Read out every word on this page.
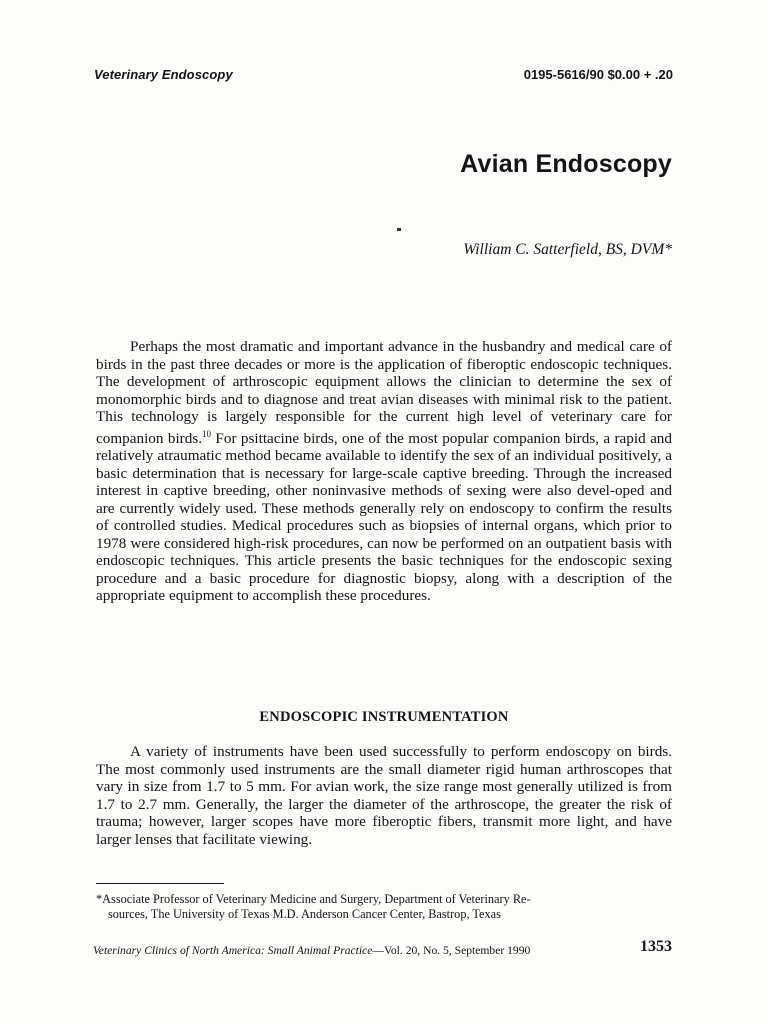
Veterinary Endoscopy	0195-5616/90 $0.00 + .20
Avian Endoscopy
William C. Satterfield, BS, DVM*

Perhaps the most dramatic and important advance in the husbandry and medical care of birds in the past three decades or more is the application of fiberoptic endoscopic techniques. The development of arthroscopic equipment allows the clinician to determine the sex of monomorphic birds and to diagnose and treat avian diseases with minimal risk to the patient. This technology is largely responsible for the current high level of veterinary care for companion birds.$^{10}$ For psittacine birds, one of the most popular companion birds, a rapid and relatively atraumatic method became available to identify the sex of an individual positively, a basic determination that is necessary for large-scale captive breeding. Through the increased interest in captive breeding, other noninvasive methods of sexing were also devel-oped and are currently widely used. These methods generally rely on endoscopy to confirm the results of controlled studies. Medical procedures such as biopsies of internal organs, which prior to 1978 were considered high-risk procedures, can now be performed on an outpatient basis with endoscopic techniques. This article presents the basic techniques for the endoscopic sexing procedure and a basic procedure for diagnostic biopsy, along with a description of the appropriate equipment to accomplish these procedures.

ENDOSCOPIC INSTRUMENTATION

A variety of instruments have been used successfully to perform endoscopy on birds. The most commonly used instruments are the small diameter rigid human arthroscopes that vary in size from 1.7 to 5 mm. For avian work, the size range most generally utilized is from 1.7 to 2.7 mm. Generally, the larger the diameter of the arthroscope, the greater the risk of trauma; however, larger scopes have more fiberoptic fibers, transmit more light, and have larger lenses that facilitate viewing.

*Associate Professor of Veterinary Medicine and Surgery, Department of Veterinary Re-
sources, The University of Texas M.D. Anderson Cancer Center, Bastrop, Texas

Veterinary Clinics of North America: Small Animal Practice—Vol. 20, No. 5, September 1990	1353
